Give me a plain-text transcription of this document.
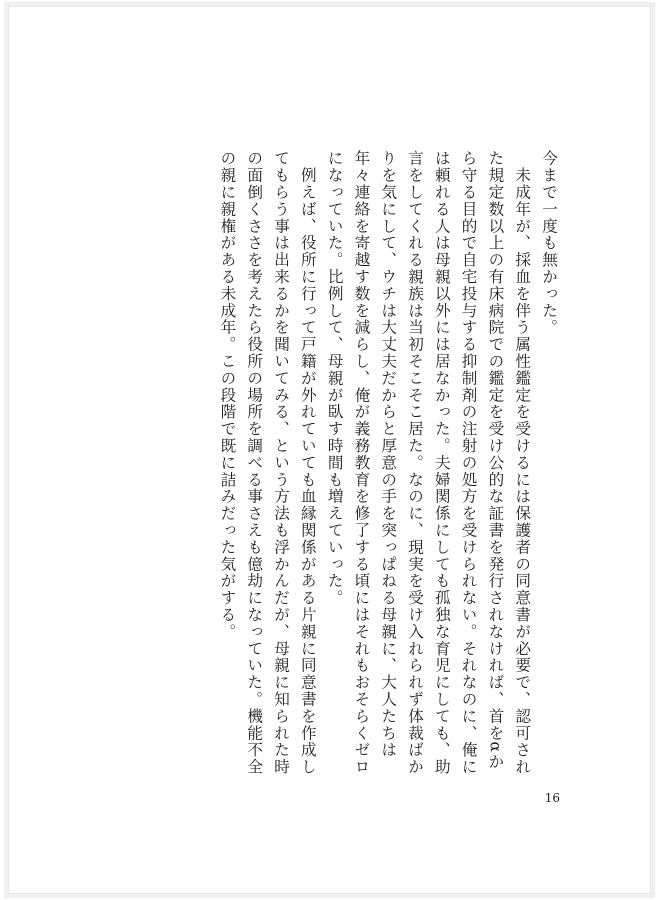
今まで一度も無かった。

　未成年が、採血を伴う属性鑑定を受けるには保護者の同意書が必要で、認可された規定数以上の有床病院での鑑定を受け公的な証書を発行されなければ、首をαから守る目的で自宅投与する抑制剤の注射の処方を受けられない。それなのに、俺には頼れる人は母親以外には居なかった。夫婦関係にしても孤独な育児にしても、助言をしてくれる親族は当初そこそこ居た。なのに、現実を受け入れられず体裁ばかりを気にして、ウチは大丈夫だからと厚意の手を突っぱねる母親に、大人たちは年々連絡を寄越す数を減らし、俺が義務教育を修了する頃にはそれもおそらくゼロになっていた。比例して、母親が臥す時間も増えていった。

　例えば、役所に行って戸籍が外れていても血縁関係がある片親に同意書を作成してもらう事は出来るかを聞いてみる、という方法も浮かんだが、母親に知られた時の面倒くささを考えたら役所の場所を調べる事さえも億劫になっていた。機能不全の親に親権がある未成年。この段階で既に詰みだった気がする。

16
